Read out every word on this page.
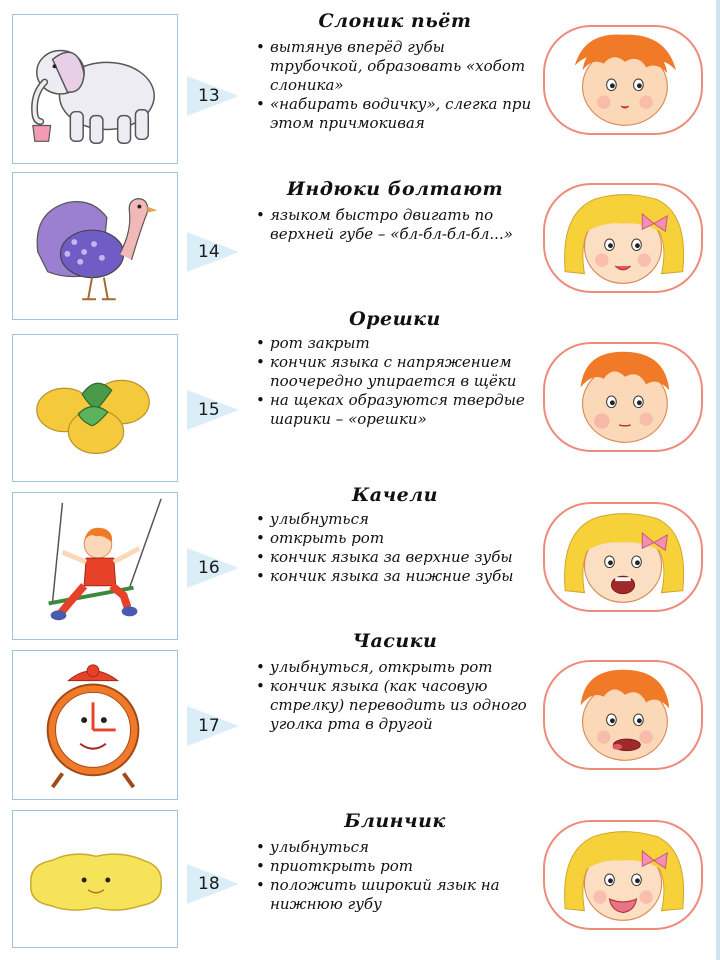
13
Слоник пьёт
• вытянув вперёд губы трубочкой, образовать «хобот слоника»
• «набирать водичку», слегка при этом причмокивая
14
Индюки болтают
• языком быстро двигать по верхней губе – «бл-бл-бл-бл...»
15
Орешки
• рот закрыт
• кончик языка с напряжением поочередно упирается в щёки
• на щеках образуются твердые шарики – «орешки»
16
Качели
• улыбнуться
• открыть рот
• кончик языка за верхние зубы
• кончик языка за нижние зубы
17
Часики
• улыбнуться, открыть рот
• кончик языка (как часовую стрелку) переводить из одного уголка рта в другой
18
Блинчик
• улыбнуться
• приоткрыть рот
• положить широкий язык на нижнюю губу
